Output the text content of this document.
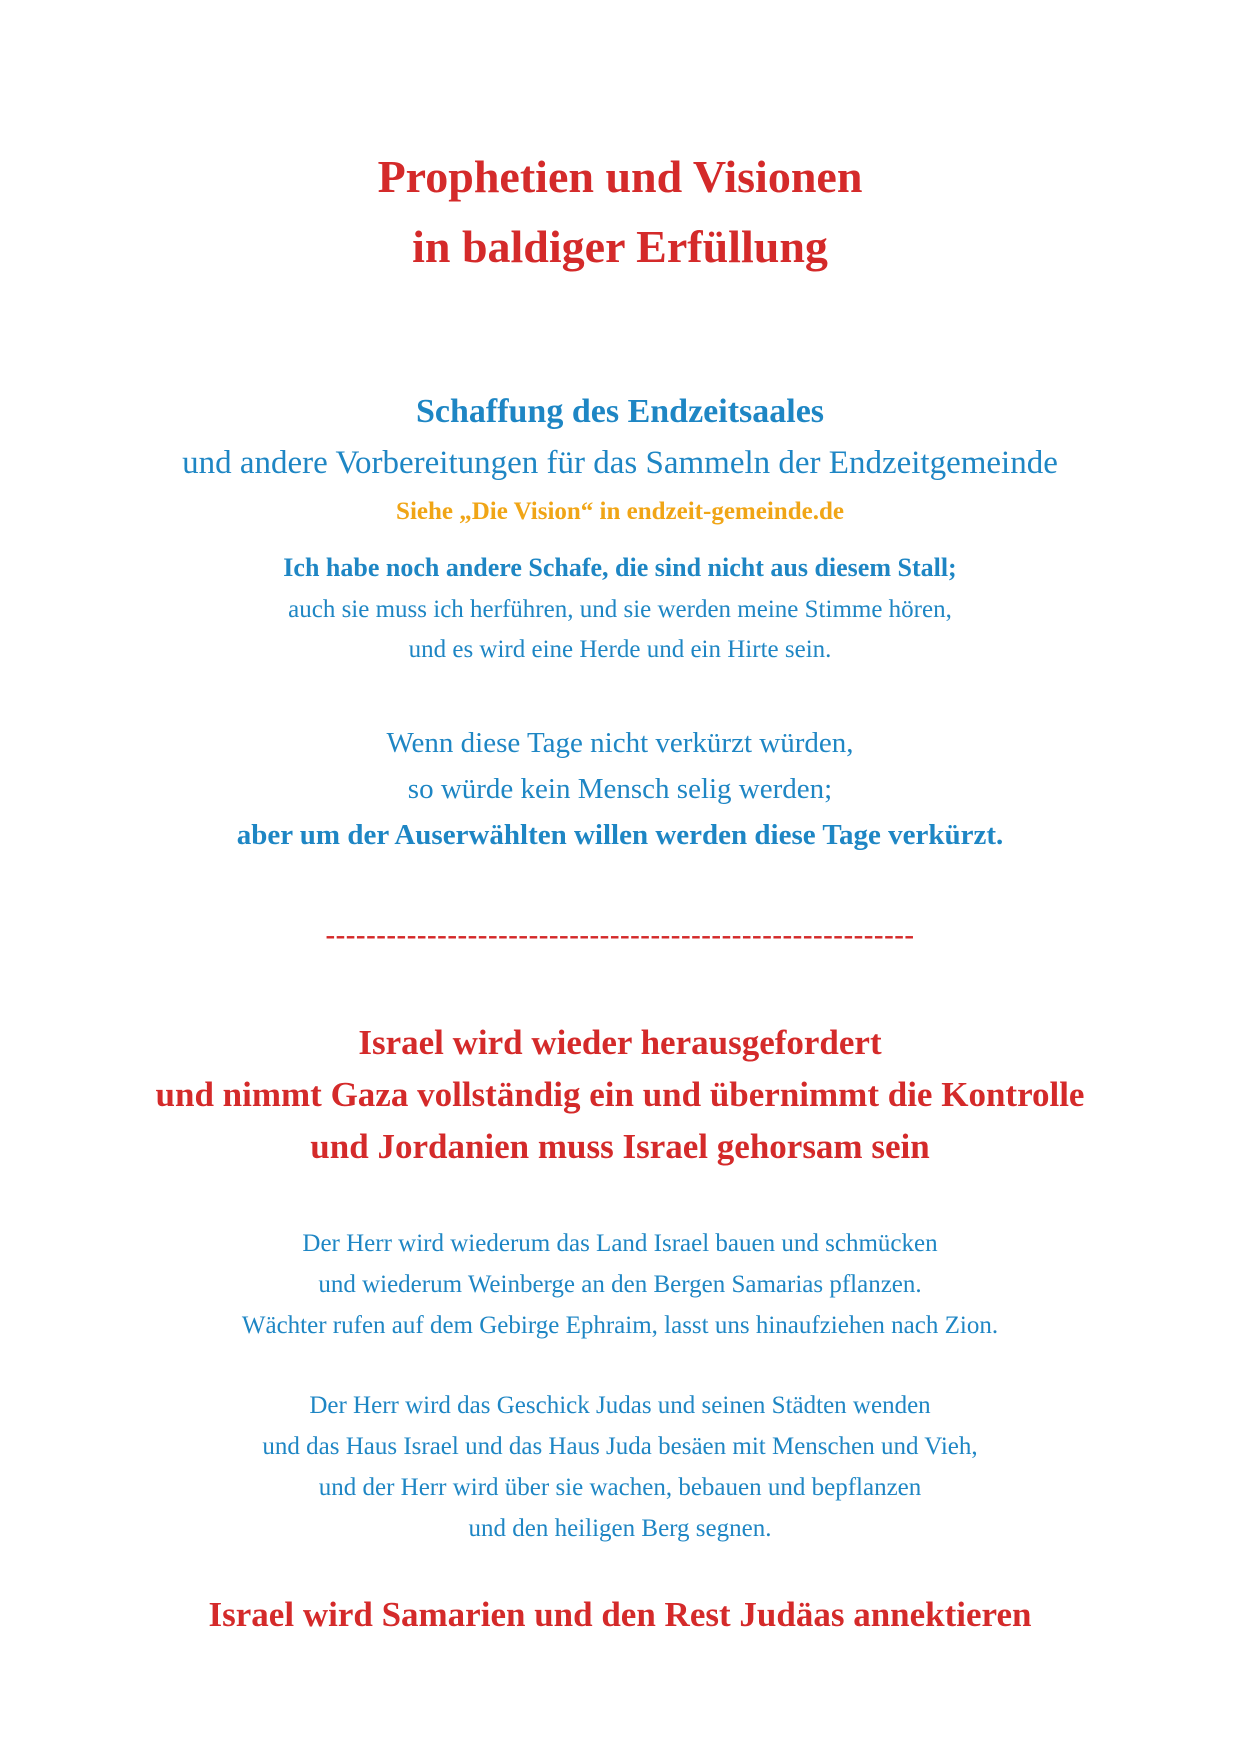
Prophetien und Visionen
in baldiger Erfüllung
Schaffung des Endzeitsaales
und andere Vorbereitungen für das Sammeln der Endzeitgemeinde
Siehe „Die Vision“ in endzeit-gemeinde.de
Ich habe noch andere Schafe, die sind nicht aus diesem Stall;
auch sie muss ich herführen, und sie werden meine Stimme hören,
und es wird eine Herde und ein Hirte sein.
Wenn diese Tage nicht verkürzt würden,
so würde kein Mensch selig werden;
aber um der Auserwählten willen werden diese Tage verkürzt.
----------------------------------------------------------
Israel wird wieder herausgefordert
und nimmt Gaza vollständig ein und übernimmt die Kontrolle
und Jordanien muss Israel gehorsam sein
Der Herr wird wiederum das Land Israel bauen und schmücken
und wiederum Weinberge an den Bergen Samarias pflanzen.
Wächter rufen auf dem Gebirge Ephraim, lasst uns hinaufziehen nach Zion.
Der Herr wird das Geschick Judas und seinen Städten wenden
und das Haus Israel und das Haus Juda besäen mit Menschen und Vieh,
und der Herr wird über sie wachen, bebauen und bepflanzen
und den heiligen Berg segnen.
Israel wird Samarien und den Rest Judäas annektieren
